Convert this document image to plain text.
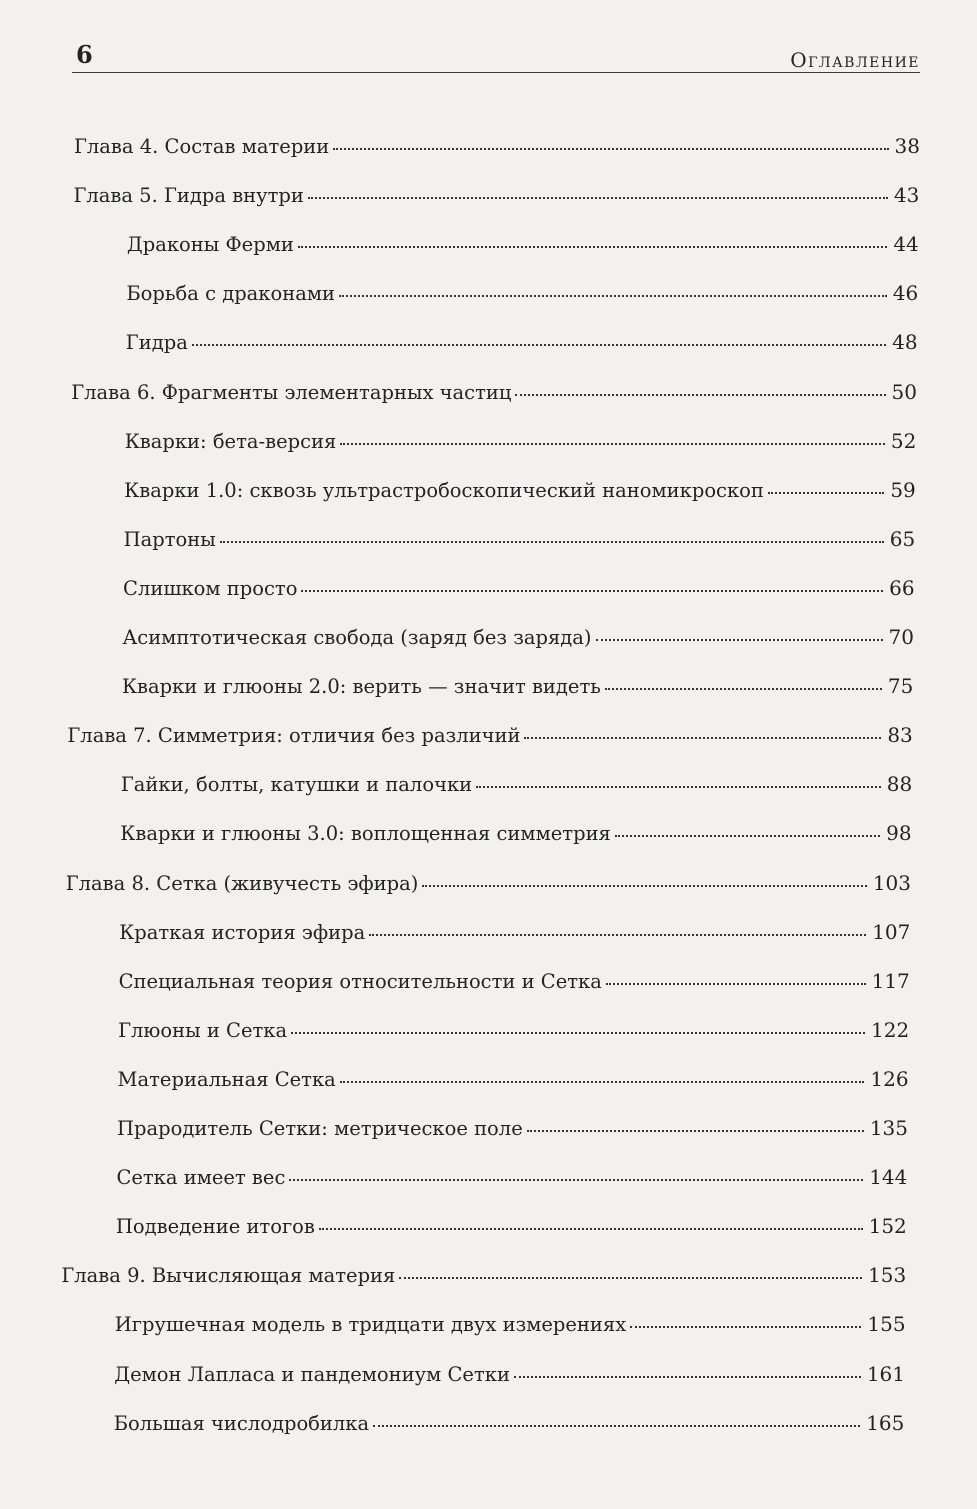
6	Оглавление
Глава 4. Состав материи	38
Глава 5. Гидра внутри	43
Драконы Ферми	44
Борьба с драконами	46
Гидра	48
Глава 6. Фрагменты элементарных частиц	50
Кварки: бета-версия	52
Кварки 1.0: сквозь ультрастробоскопический наномикроскоп	59
Партоны	65
Слишком просто	66
Асимптотическая свобода (заряд без заряда)	70
Кварки и глюоны 2.0: верить — значит видеть	75
Глава 7. Симметрия: отличия без различий	83
Гайки, болты, катушки и палочки	88
Кварки и глюоны 3.0: воплощенная симметрия	98
Глава 8. Сетка (живучесть эфира)	103
Краткая история эфира	107
Специальная теория относительности и Сетка	117
Глюоны и Сетка	122
Материальная Сетка	126
Прародитель Сетки: метрическое поле	135
Сетка имеет вес	144
Подведение итогов	152
Глава 9. Вычисляющая материя	153
Игрушечная модель в тридцати двух измерениях	155
Демон Лапласа и пандемониум Сетки	161
Большая числодробилка	165
